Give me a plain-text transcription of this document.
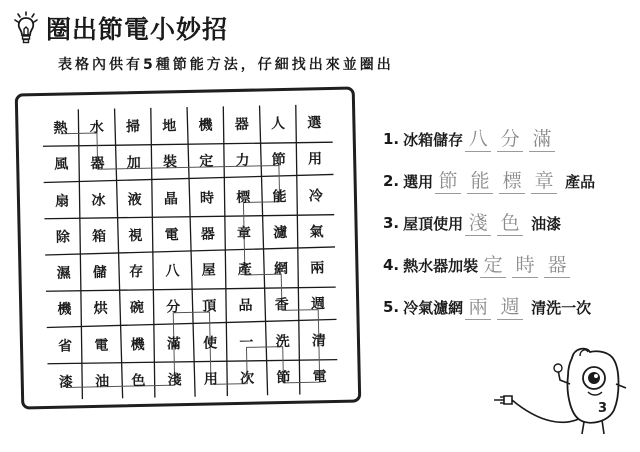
圈出節電小妙招
表格內供有5種節能方法，仔細找出來並圈出
熱	水	掃	地	機	器	人	選
風	器	加	裝	定	力	節	用
扇	冰	液	晶	時	標	能	冷
除	箱	視	電	器	章	濾	氣
濕	儲	存	八	屋	產	網	兩
機	烘	碗	分	頂	品	香	週
省	電	機	滿	使	一	洗	清
漆	油	色	淺	用	次	節	電
1. 冰箱儲存 八 分 滿
2. 選用 節 能 標 章 產品
3. 屋頂使用 淺 色 油漆
4. 熱水器加裝 定 時 器
5. 冷氣濾網 兩 週 清洗一次
3
